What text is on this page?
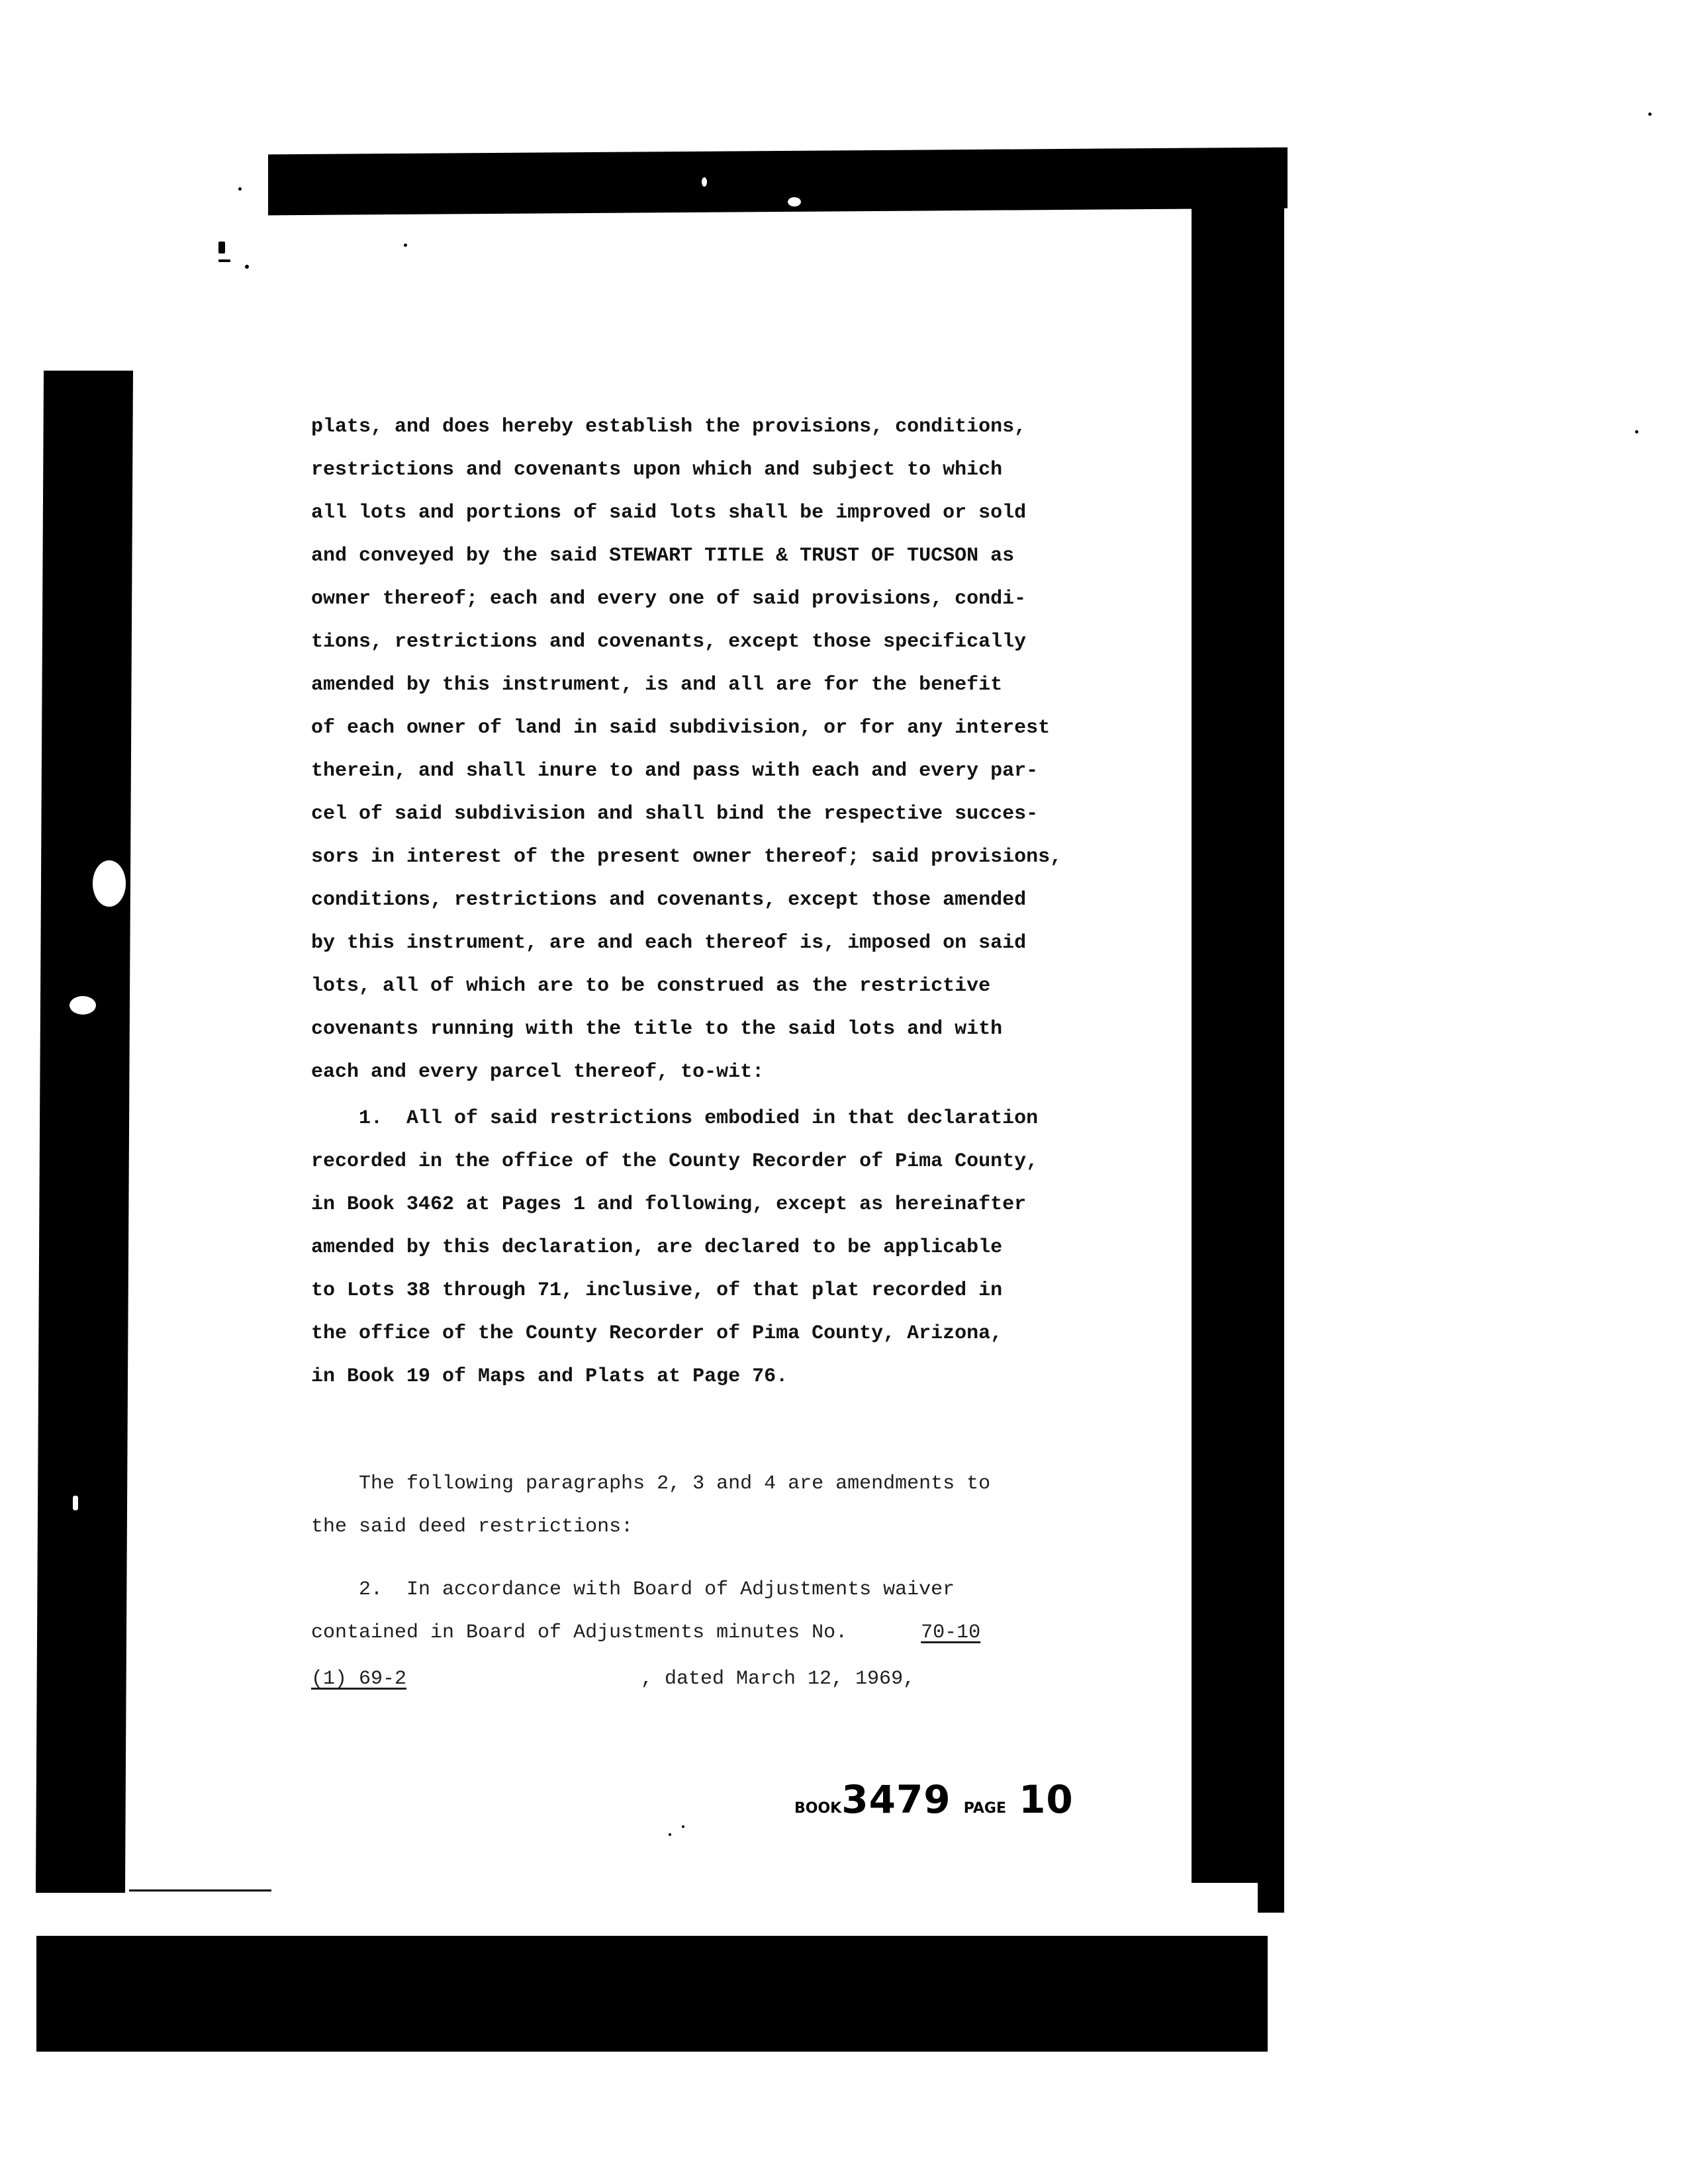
plats, and does hereby establish the provisions, conditions,
restrictions and covenants upon which and subject to which
all lots and portions of said lots shall be improved or sold
and conveyed by the said STEWART TITLE & TRUST OF TUCSON as
owner thereof; each and every one of said provisions, condi-
tions, restrictions and covenants, except those specifically
amended by this instrument, is and all are for the benefit
of each owner of land in said subdivision, or for any interest
therein, and shall inure to and pass with each and every par-
cel of said subdivision and shall bind the respective succes-
sors in interest of the present owner thereof; said provisions,
conditions, restrictions and covenants, except those amended
by this instrument, are and each thereof is, imposed on said
lots, all of which are to be construed as the restrictive
covenants running with the title to the said lots and with
each and every parcel thereof, to-wit:
1.  All of said restrictions embodied in that declaration
recorded in the office of the County Recorder of Pima County,
in Book 3462 at Pages 1 and following, except as hereinafter
amended by this declaration, are declared to be applicable
to Lots 38 through 71, inclusive, of that plat recorded in
the office of the County Recorder of Pima County, Arizona,
in Book 19 of Maps and Plats at Page 76.
The following paragraphs 2, 3 and 4 are amendments to
the said deed restrictions:
2.  In accordance with Board of Adjustments waiver
contained in Board of Adjustments minutes No.  70-10
(1) 69-2	, dated March 12, 1969,
BOOK3479 PAGE 10
